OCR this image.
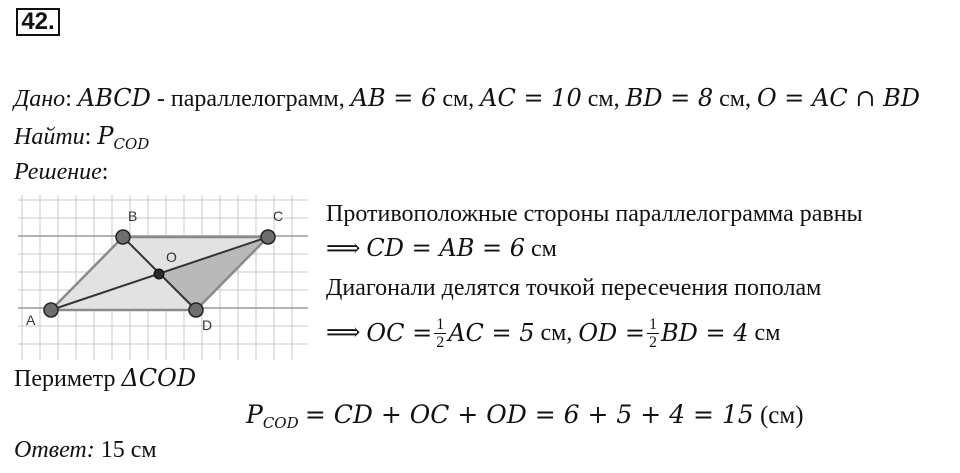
42.
Дано: ABCD - параллелограмм, AB = 6 см, AC = 10 см, BD = 8 см, O = AC ∩ BD
Найти: $P_{COD}$
Решение:
A
B	C
D
O
Противоположные стороны параллелограмма равны
⟹ CD = AB = 6 см
Диагонали делятся точкой пересечения пополам
⟹
OC = $\frac{1}{2}$ AC = 5
см , OD = $\frac{1}{2}$ BD = 4
см
Периметр ΔCOD
$P_{COD}$ = CD + OC + OD = 6 + 5 + 4 = 15 (см)
Ответ: 15 см
